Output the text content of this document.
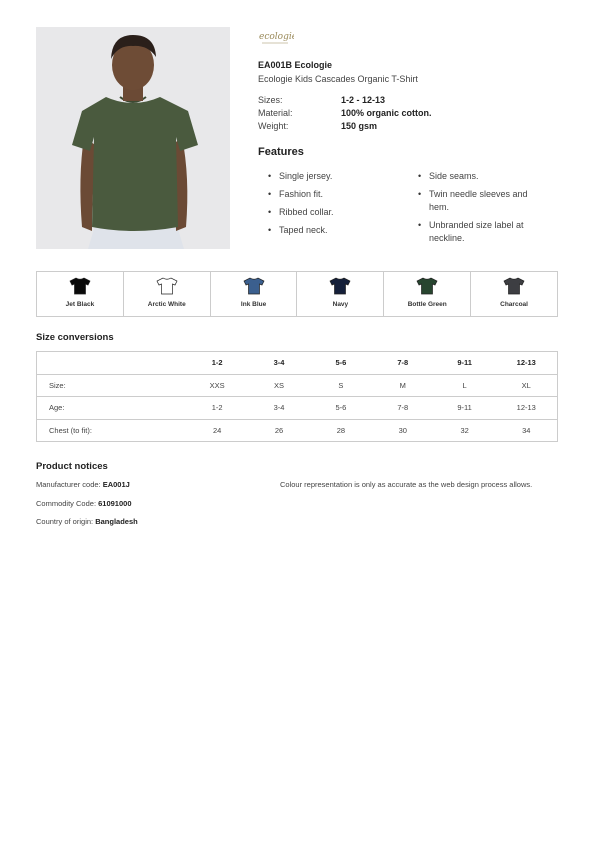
ecologie
EA001B Ecologie
Ecologie Kids Cascades Organic T-Shirt
Sizes:	1-2 - 12-13
Material:	100% organic cotton.
Weight:	150 gsm
Features
• Single jersey.
• Fashion fit.
• Ribbed collar.
• Taped neck.
• Side seams.
• Twin needle sleeves and hem.
• Unbranded size label at neckline.
Jet Black	Arctic White	Ink Blue	Navy	Bottle Green	Charcoal
Size conversions
	1-2	3-4	5-6	7-8	9-11	12-13
Size:	XXS	XS	S	M	L	XL
Age:	1-2	3-4	5-6	7-8	9-11	12-13
Chest (to fit):	24	26	28	30	32	34
Product notices
Manufacturer code: EA001J
Commodity Code: 61091000
Country of origin: Bangladesh
Colour representation is only as accurate as the web design process allows.
